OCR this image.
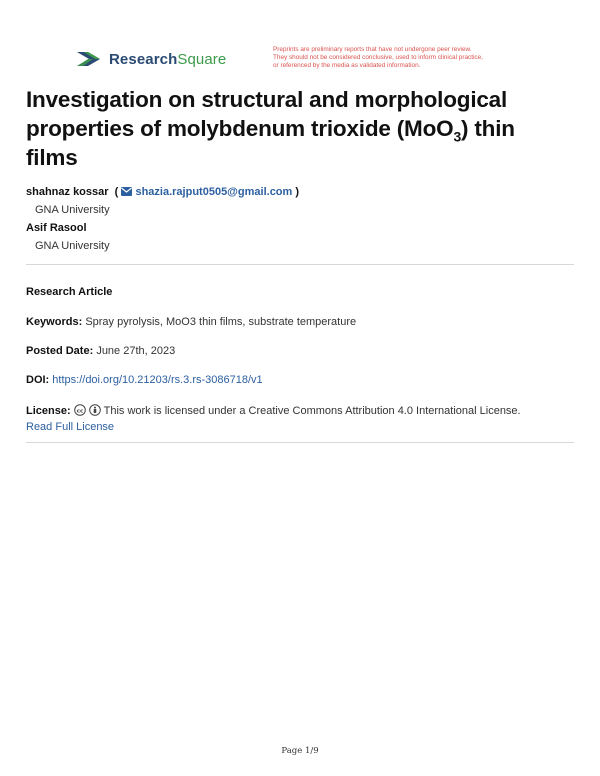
ResearchSquare
Preprints are preliminary reports that have not undergone peer review.
They should not be considered conclusive, used to inform clinical practice,
or referenced by the media as validated information.
Investigation on structural and morphological properties of molybdenum trioxide (MoO$_3$) thin films
shahnaz kossar ( shazia.rajput0505@gmail.com )
GNA University
Asif Rasool
GNA University
Research Article
Keywords: Spray pyrolysis, MoO3 thin films, substrate temperature
Posted Date: June 27th, 2023
DOI: https://doi.org/10.21203/rs.3.rs-3086718/v1
License: cc This work is licensed under a Creative Commons Attribution 4.0 International License.
Read Full License
Page 1/9
